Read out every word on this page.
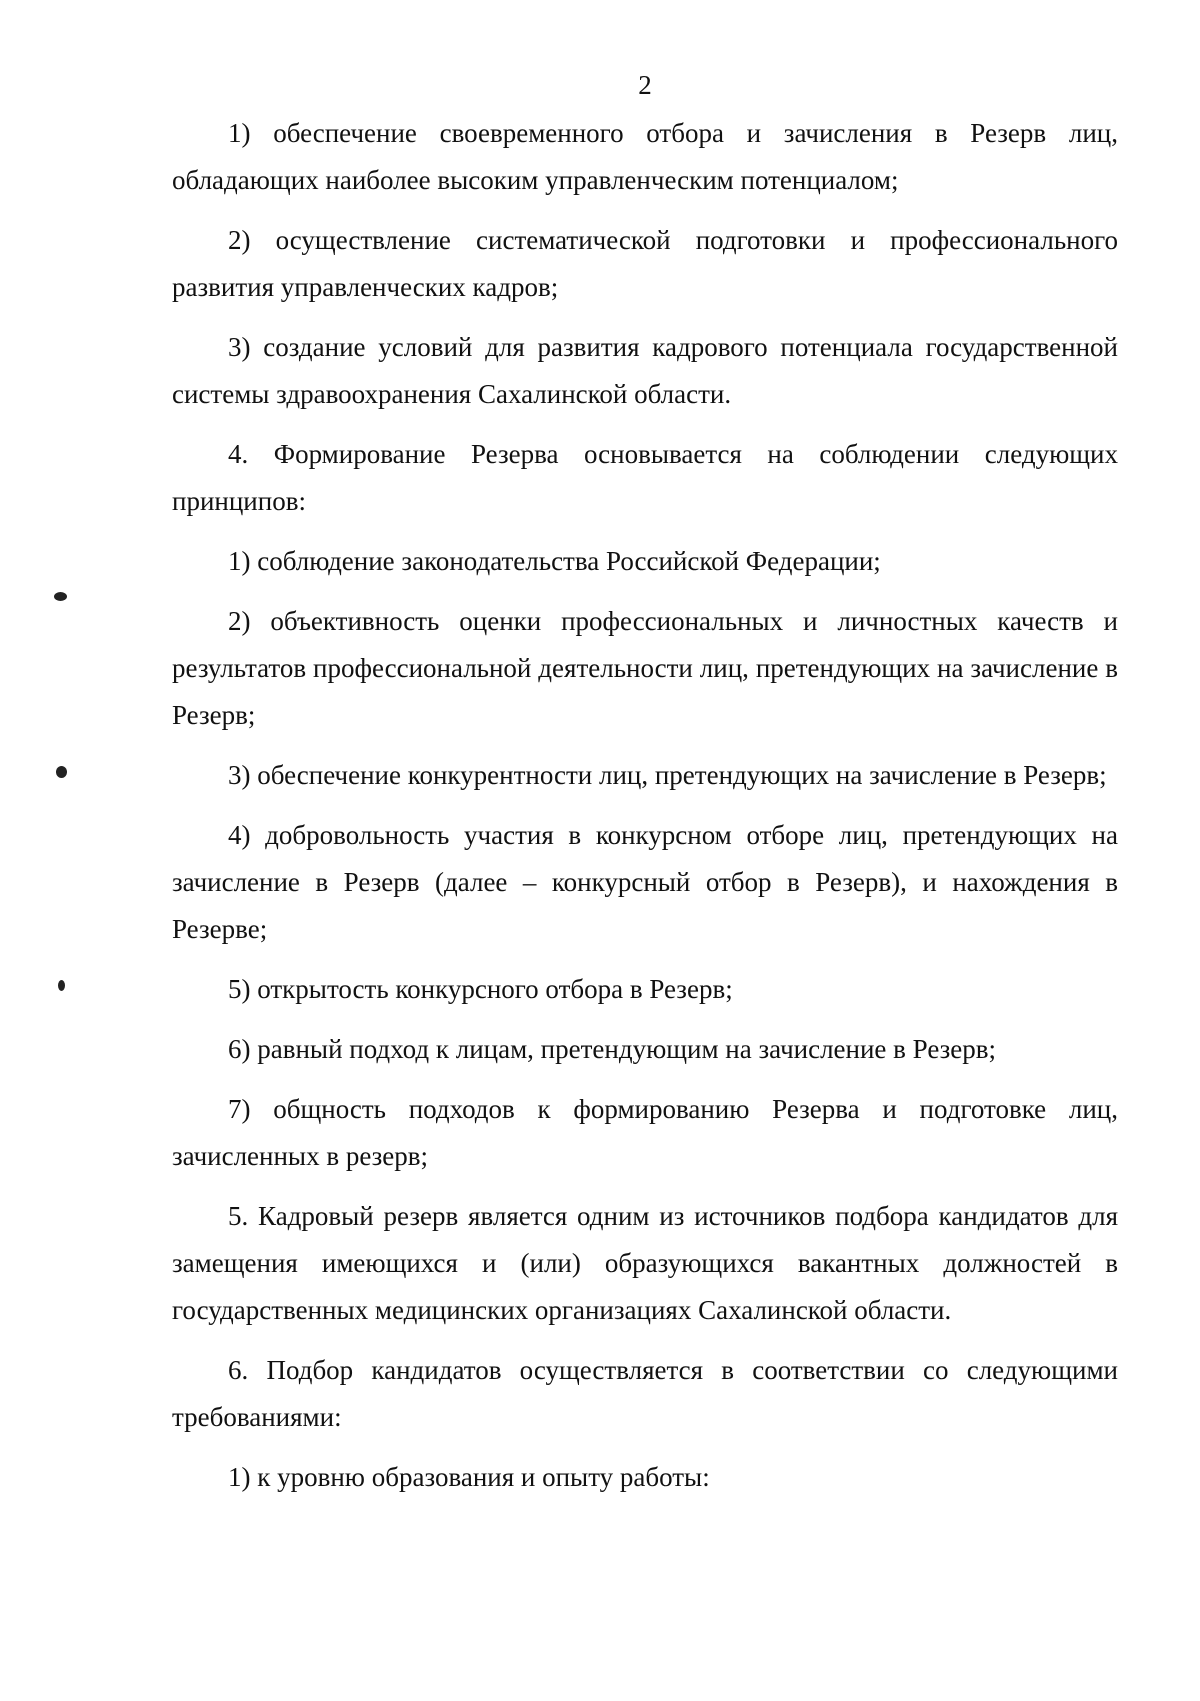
2

1) обеспечение своевременного отбора и зачисления в Резерв лиц, обладающих наиболее высоким управленческим потенциалом;

2) осуществление систематической подготовки и профессионального развития управленческих кадров;

3) создание условий для развития кадрового потенциала государственной системы здравоохранения Сахалинской области.

4. Формирование Резерва основывается на соблюдении следующих принципов:

1) соблюдение законодательства Российской Федерации;

2) объективность оценки профессиональных и личностных качеств и результатов профессиональной деятельности лиц, претендующих на зачисление в Резерв;

3) обеспечение конкурентности лиц, претендующих на зачисление в Резерв;

4) добровольность участия в конкурсном отборе лиц, претендующих на зачисление в Резерв (далее – конкурсный отбор в Резерв), и нахождения в Резерве;

5) открытость конкурсного отбора в Резерв;

6) равный подход к лицам, претендующим на зачисление в Резерв;

7) общность подходов к формированию Резерва и подготовке лиц, зачисленных в резерв;

5. Кадровый резерв является одним из источников подбора кандидатов для замещения имеющихся и (или) образующихся вакантных должностей в государственных медицинских организациях Сахалинской области.

6. Подбор кандидатов осуществляется в соответствии со следующими требованиями:

1) к уровню образования и опыту работы:
